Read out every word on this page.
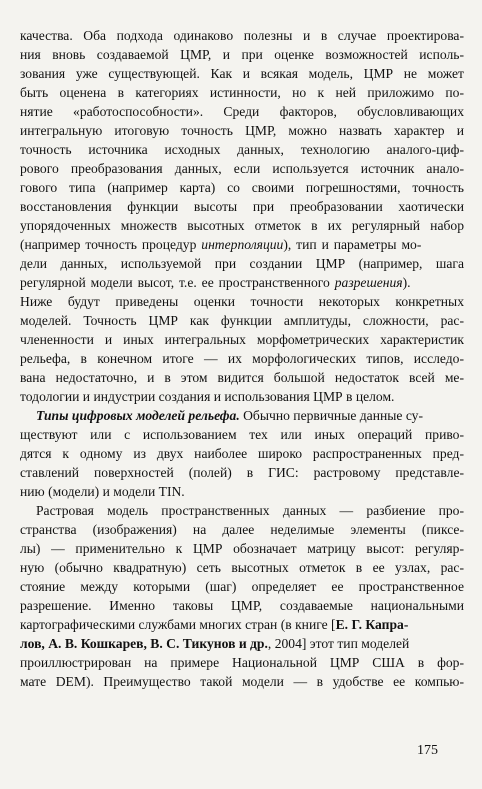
качества. Оба подхода одинаково полезны и в случае проектирова-
ния вновь создаваемой ЦМР, и при оценке возможностей исполь-
зования уже существующей. Как и всякая модель, ЦМР не может
быть оценена в категориях истинности, но к ней приложимо по-
нятие «работоспособности». Среди факторов, обусловливающих
интегральную итоговую точность ЦМР, можно назвать характер и
точность источника исходных данных, технологию аналого-циф-
рового преобразования данных, если используется источник анало-
гового типа (например карта) со своими погрешностями, точность
восстановления функции высоты при преобразовании хаотически
упорядоченных множеств высотных отметок в их регулярный набор
(например точность процедур интерполяции), тип и параметры мо-
дели данных, используемой при создании ЦМР (например, шага
регулярной модели высот, т.е. ее пространственного разрешения).
Ниже будут приведены оценки точности некоторых конкретных
моделей. Точность ЦМР как функции амплитуды, сложности, рас-
члененности и иных интегральных морфометрических характеристик
рельефа, в конечном итоге — их морфологических типов, исследо-
вана недостаточно, и в этом видится большой недостаток всей ме-
тодологии и индустрии создания и использования ЦМР в целом.
Типы цифровых моделей рельефа. Обычно первичные данные су-
ществуют или с использованием тех или иных операций приво-
дятся к одному из двух наиболее широко распространенных пред-
ставлений поверхностей (полей) в ГИС: растровому представле-
нию (модели) и модели TIN.
Растровая модель пространственных данных — разбиение про-
странства (изображения) на далее неделимые элементы (пиксе-
лы) — применительно к ЦМР обозначает матрицу высот: регуляр-
ную (обычно квадратную) сеть высотных отметок в ее узлах, рас-
стояние между которыми (шаг) определяет ее пространственное
разрешение. Именно таковы ЦМР, создаваемые национальными
картографическими службами многих стран (в книге [Е. Г. Капра-
лов, А. В. Кошкарев, В. С. Тикунов и др., 2004] этот тип моделей
проиллюстрирован на примере Национальной ЦМР США в фор-
мате DEM). Преимущество такой модели — в удобстве ее компью-
175
